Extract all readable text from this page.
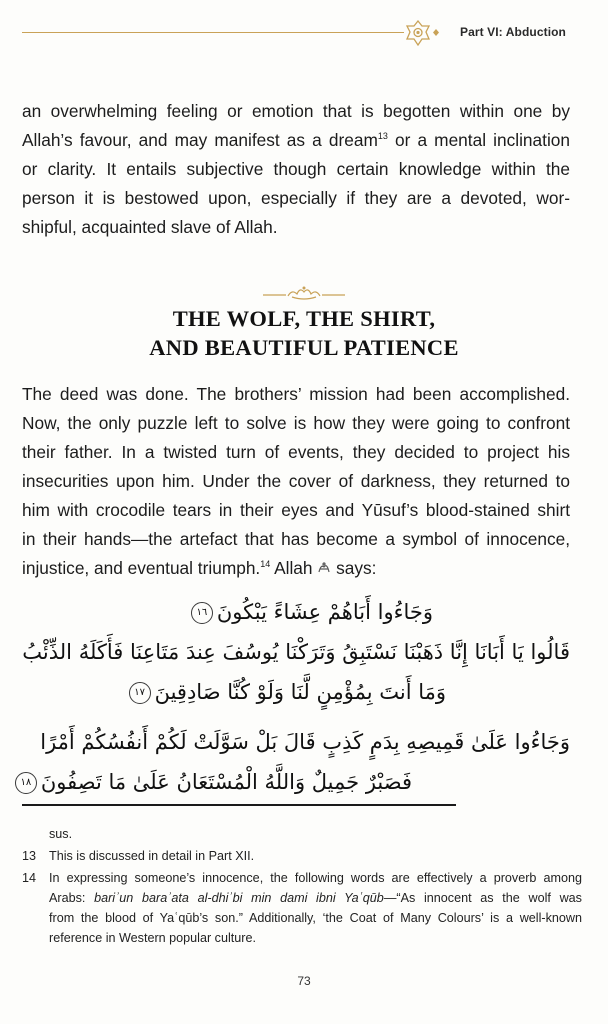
Part VI: Abduction
an overwhelming feeling or emotion that is begotten within one by
Allah’s favour, and may manifest as a dream$^{13}$ or a mental inclination
or clarity. It entails subjective though certain knowledge within the
person it is bestowed upon, especially if they are a devoted, wor-
shipful, acquainted slave of Allah.
THE WOLF, THE SHIRT,
AND BEAUTIFUL PATIENCE
The deed was done. The brothers’ mission had been accomplished.
Now, the only puzzle left to solve is how they were going to confront
their father. In a twisted turn of events, they decided to project his
insecurities upon him. Under the cover of darkness, they returned to
him with crocodile tears in their eyes and Yūsuf’s blood-stained shirt
in their hands—the artefact that has become a symbol of innocence,
injustice, and eventual triumph.$^{14}$ Allah  says:
وَجَاءُوا أَبَاهُمْ عِشَاءً يَبْكُونَ١٦
قَالُوا يَا أَبَانَا إِنَّا ذَهَبْنَا نَسْتَبِقُ وَتَرَكْنَا يُوسُفَ عِندَ مَتَاعِنَا فَأَكَلَهُ الذِّئْبُ
وَمَا أَنتَ بِمُؤْمِنٍ لَّنَا وَلَوْ كُنَّا صَادِقِينَ١٧
وَجَاءُوا عَلَىٰ قَمِيصِهِ بِدَمٍ كَذِبٍ قَالَ بَلْ سَوَّلَتْ لَكُمْ أَنفُسُكُمْ أَمْرًا
فَصَبْرٌ جَمِيلٌ وَاللَّهُ الْمُسْتَعَانُ عَلَىٰ مَا تَصِفُونَ١٨
sus.
13 This is discussed in detail in Part XII.
14 In expressing someone’s innocence, the following words are effectively a proverb among
Arabs: bariʾun baraʾata al-dhiʾbi min dami ibni Yaʿqūb—“As innocent as the wolf was
from the blood of Yaʿqūb’s son.” Additionally, ‘the Coat of Many Colours’ is a well-known
reference in Western popular culture.
73
